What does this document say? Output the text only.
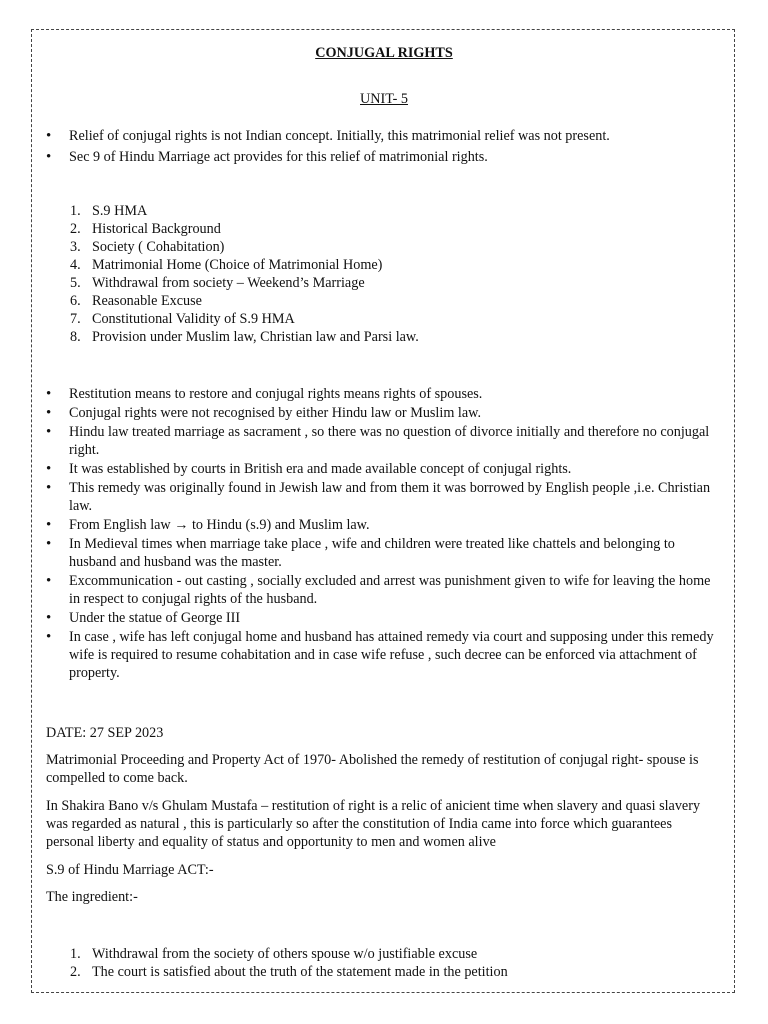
CONJUGAL RIGHTS

UNIT- 5

• Relief of conjugal rights is not Indian concept. Initially, this matrimonial relief was not present.
• Sec 9 of Hindu Marriage act provides for this relief of matrimonial rights.
1. S.9 HMA
2. Historical Background
3. Society ( Cohabitation)
4. Matrimonial Home (Choice of Matrimonial Home)
5. Withdrawal from society – Weekend’s Marriage
6. Reasonable Excuse
7. Constitutional Validity of S.9 HMA
8. Provision under Muslim law, Christian law and Parsi law.
• Restitution means to restore and conjugal rights means rights of spouses.
• Conjugal rights were not recognised by either Hindu law or Muslim law.
• Hindu law treated marriage as sacrament , so there was no question of divorce initially and therefore no conjugal right.
• It was established by courts in British era and made available concept of conjugal rights.
• This remedy was originally found in Jewish law and from them it was borrowed by English people ,i.e. Christian law.
• From English law → to Hindu (s.9) and Muslim law.
• In Medieval times when marriage take place , wife and children were treated like chattels and belonging to husband and husband was the master.
• Excommunication - out casting , socially excluded and arrest was punishment given to wife for leaving the home in respect to conjugal rights of the husband.
• Under the statue of George III
• In case , wife has left conjugal home and husband has attained remedy via court and supposing under this remedy wife is required to resume cohabitation and in case wife refuse , such decree can be enforced via attachment of property.

DATE: 27 SEP 2023

Matrimonial Proceeding and Property Act of 1970- Abolished the remedy of restitution of conjugal right- spouse is compelled to come back.

In Shakira Bano v/s Ghulam Mustafa – restitution of right is a relic of anicient time when slavery and quasi slavery was regarded as natural , this is particularly so after the constitution of India came into force which guarantees personal liberty and equality of status and opportunity to men and women alive

S.9 of Hindu Marriage ACT:-

The ingredient:-

1. Withdrawal from the society of others spouse w/o justifiable excuse
2. The court is satisfied about the truth of the statement made in the petition
